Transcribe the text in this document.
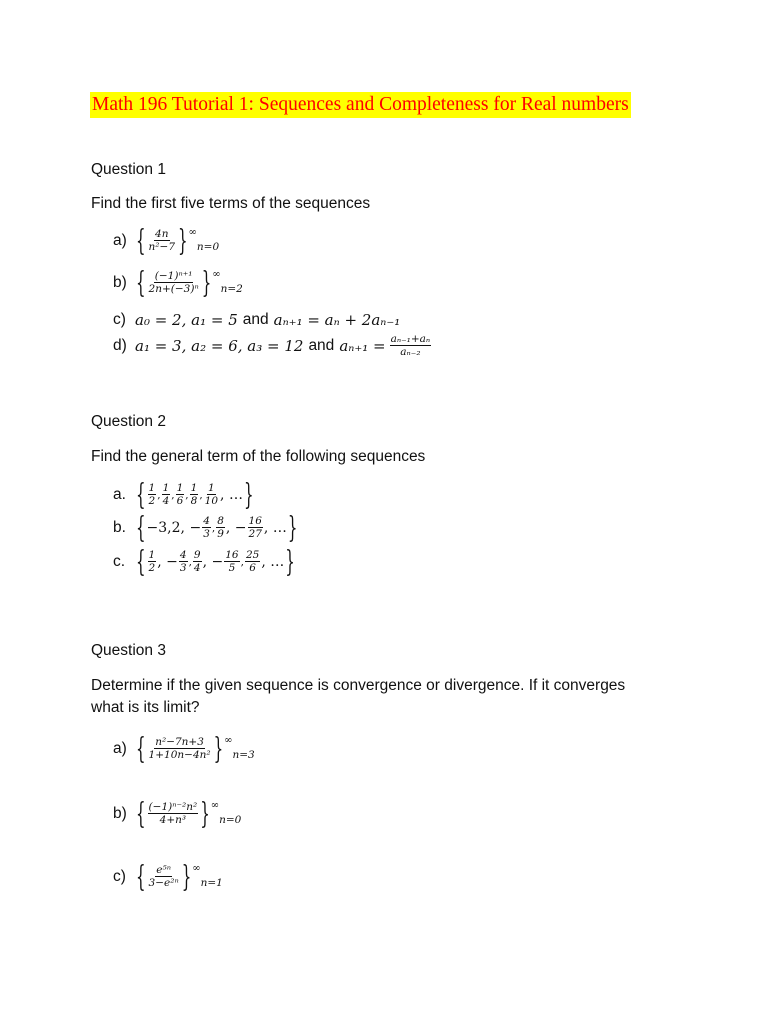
Math 196 Tutorial 1: Sequences and Completeness for Real numbers
Question 1
Find the first five terms of the sequences
a) { $\frac{4n}{\text{n²−7}}$ } ∞
n=0
b) { $\frac{\text{(−1)ⁿ⁺¹}}{\text{2n+(−3)ⁿ}}$ } ∞
n=2
c) a₀ = 2, a₁ = 5 and aₙ₊₁ = aₙ + 2aₙ₋₁
d) a₁ = 3, a₂ = 6, a₃ = 12 and $a_{n+1} = \frac{\text{aₙ₋₁+aₙ}}{\text{aₙ₋₂}}$
Question 2
Find the general term of the following sequences
a. { $\frac{1}{2}$ , $\frac{1}{4}$ , $\frac{1}{6}$ , $\frac{1}{8}$ , $\frac{1}{10}$ , … }
b. { −3,2, − $\frac{4}{3}$ , $\frac{8}{9}$ , − $\frac{16}{27}$ , … }
c. { $\frac{1}{2}$ , − $\frac{4}{3}$ , $\frac{9}{4}$ , − $\frac{16}{5}$ , $\frac{25}{6}$ , … }
Question 3
Determine if the given sequence is convergence or divergence. If it converges
what is its limit?
a) { $\frac{\text{n²−7n+3}}{\text{1+10n−4n²}}$ } ∞
n=3
b) { $\frac{\text{(−1)ⁿ⁻²n²}}{\text{4+n³}}$ } ∞
n=0
c) { $\frac{\text{e⁵ⁿ}}{\text{3−e²ⁿ}}$ } ∞
n=1
